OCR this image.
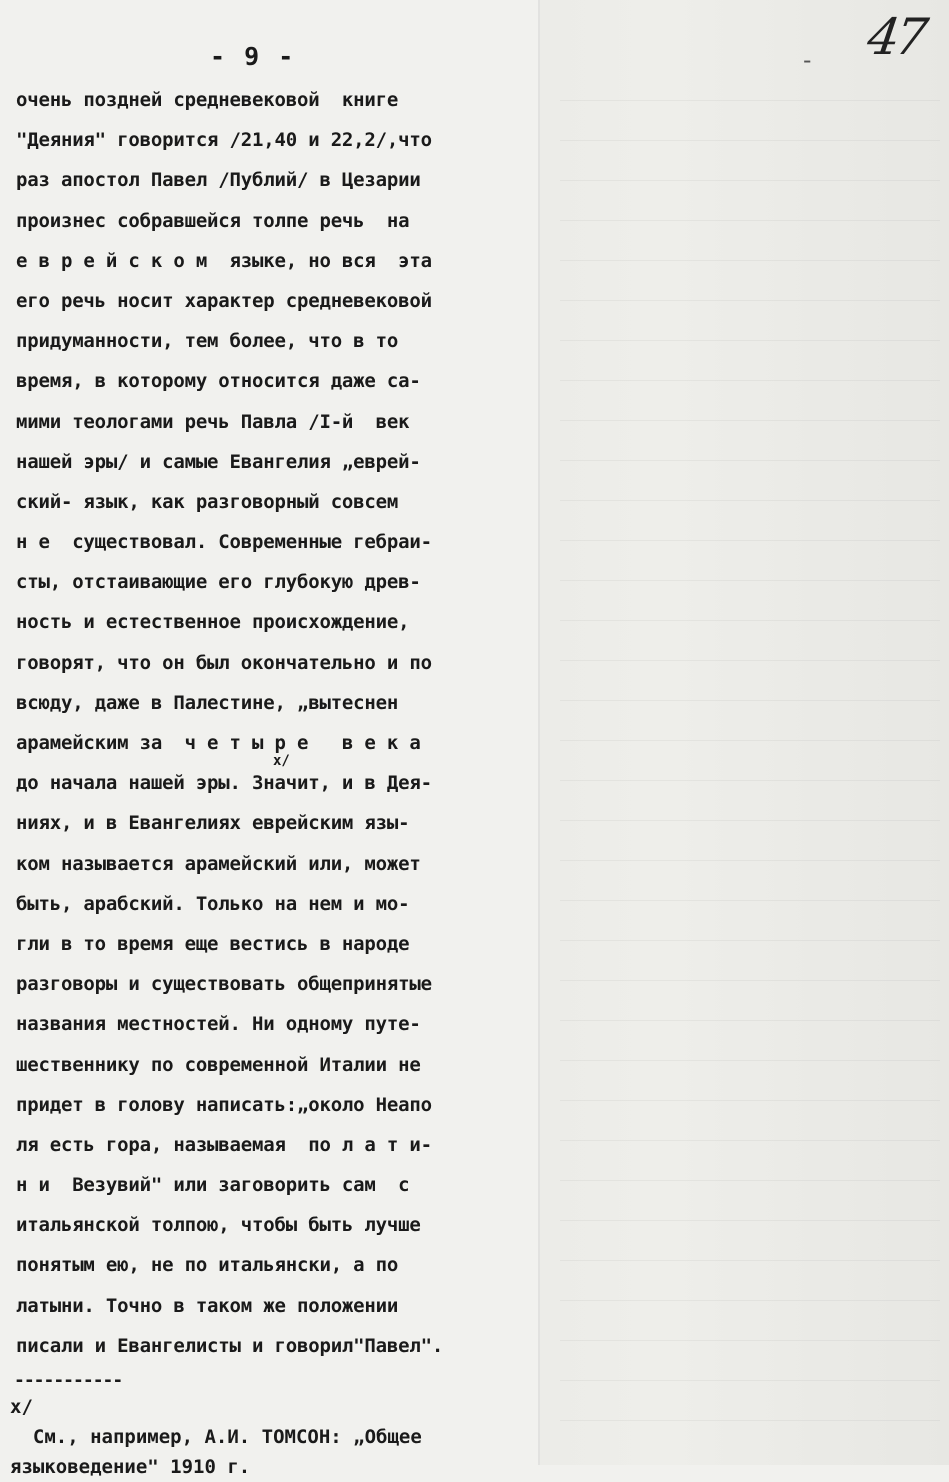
- 9 -	- 47
очень поздней средневековой  книге
"Деяния" говорится /21,40 и 22,2/,что
раз апостол Павел /Публий/ в Цезарии
произнес собравшейся толпе речь  на
е в р е й с к о м  языке, но вся  эта
его речь носит характер средневековой
придуманности, тем более, что в то
время, в которому относится даже са-
мими теологами речь Павла /I-й  век
нашей эры/ и самые Евангелия „еврей-
ский- язык, как разговорный совсем
н е  существовал. Современные гебраи-
сты, отстаивающие его глубокую древ-
ность и естественное происхождение,
говорят, что он был окончательно и по
всюду, даже в Палестине, „вытеснен
арамейским за  ч е т ы р е   в е к а
до начала нашей эры. Значит, и в Дея-
ниях, и в Евангелиях еврейским язы-
ком называется арамейский или, может
быть, арабский. Только на нем и мо-
гли в то время еще вестись в народе
разговоры и существовать общепринятые
названия местностей. Ни одному путе-
шественнику по современной Италии не
придет в голову написать:„около Неапо
ля есть гора, называемая  по л а т и-
н и  Везувий" или заговорить сам  с
итальянской толпою, чтобы быть лучше
понятым ею, не по итальянски, а по
латыни. Точно в таком же положении
писали и Евангелисты и говорил"Павел".
x/
-----------
x/
См., например, А.И. ТОМСОН: „Общее
языковедение" 1910 г.
